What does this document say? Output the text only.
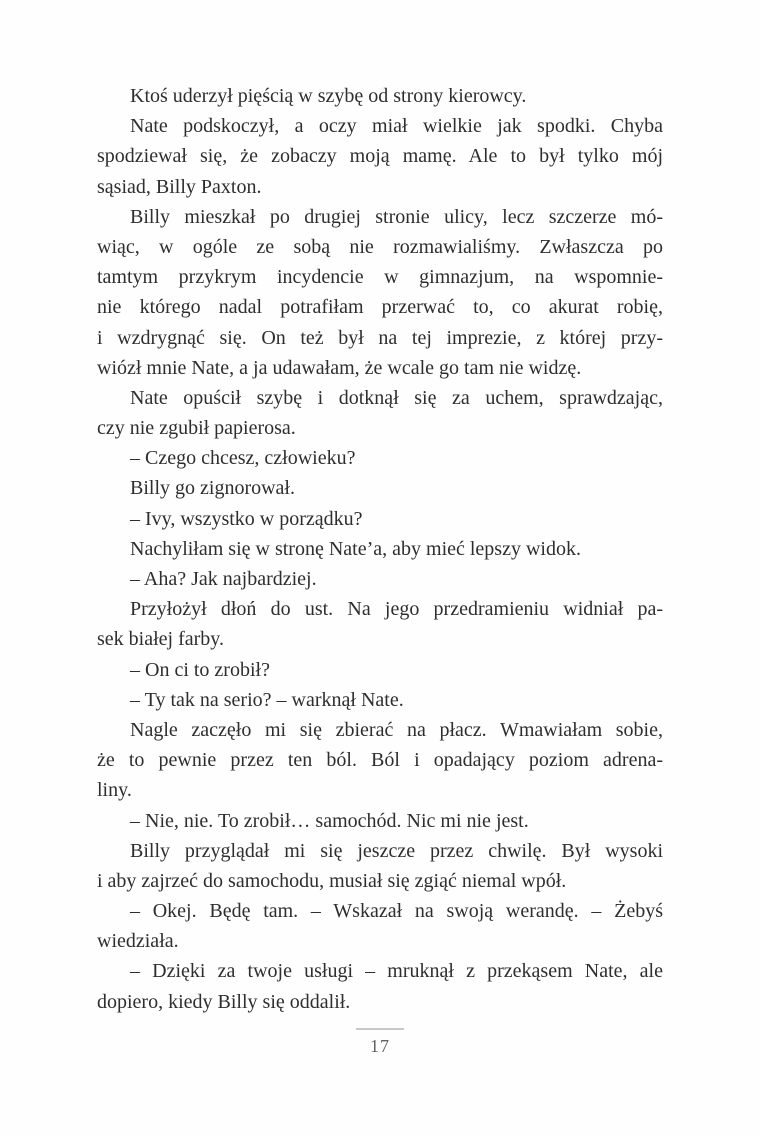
Ktoś uderzył pięścią w szybę od strony kierowcy.

Nate podskoczył, a oczy miał wielkie jak spodki. Chyba
spodziewał się, że zobaczy moją mamę. Ale to był tylko mój
sąsiad, Billy Paxton.

Billy mieszkał po drugiej stronie ulicy, lecz szczerze mó-
wiąc, w ogóle ze sobą nie rozmawialiśmy. Zwłaszcza po
tamtym przykrym incydencie w gimnazjum, na wspomnie-
nie którego nadal potrafiłam przerwać to, co akurat robię,
i wzdrygnąć się. On też był na tej imprezie, z której przy-
wiózł mnie Nate, a ja udawałam, że wcale go tam nie widzę.

Nate opuścił szybę i dotknął się za uchem, sprawdzając,
czy nie zgubił papierosa.

– Czego chcesz, człowieku?

Billy go zignorował.

– Ivy, wszystko w porządku?

Nachyliłam się w stronę Nate’a, aby mieć lepszy widok.

– Aha? Jak najbardziej.

Przyłożył dłoń do ust. Na jego przedramieniu widniał pa-
sek białej farby.

– On ci to zrobił?

– Ty tak na serio? – warknął Nate.

Nagle zaczęło mi się zbierać na płacz. Wmawiałam sobie,
że to pewnie przez ten ból. Ból i opadający poziom adrena-
liny.

– Nie, nie. To zrobił… samochód. Nic mi nie jest.

Billy przyglądał mi się jeszcze przez chwilę. Był wysoki
i aby zajrzeć do samochodu, musiał się zgiąć niemal wpół.

– Okej. Będę tam. – Wskazał na swoją werandę. – Żebyś
wiedziała.

– Dzięki za twoje usługi – mruknął z przekąsem Nate, ale
dopiero, kiedy Billy się oddalił.

17
